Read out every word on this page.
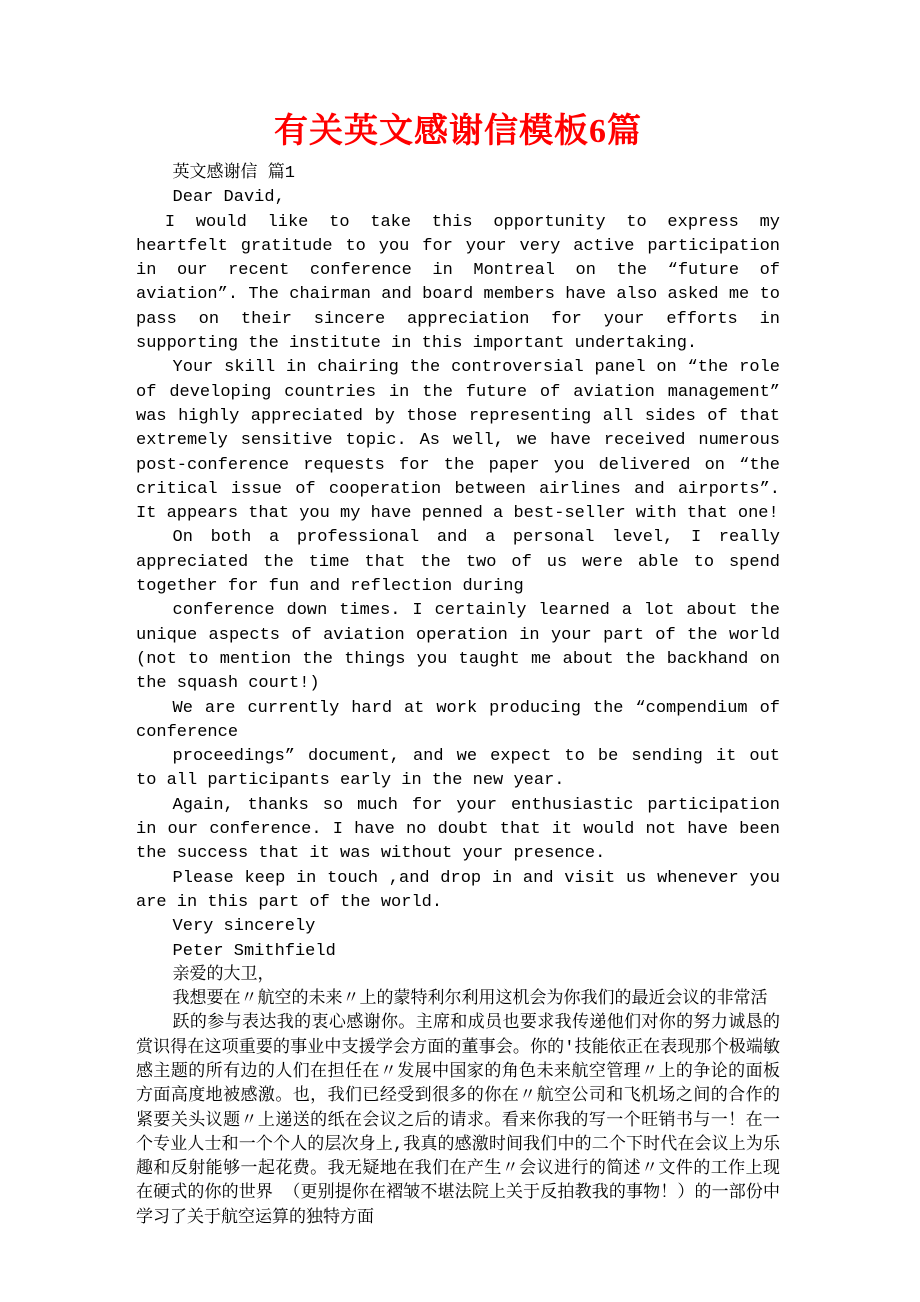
有关英文感谢信模板6篇

英文感谢信 篇1

Dear David,

I would like to take this opportunity to express my heartfelt gratitude to you for your very active participation in our recent conference in Montreal on the “future of aviation”. The chairman and board members have also asked me to pass on their sincere appreciation for your efforts in supporting the institute in this important undertaking.

Your skill in chairing the controversial panel on “the role of developing countries in the future of aviation management” was highly appreciated by those representing all sides of that extremely sensitive topic. As well, we have received numerous post-conference requests for the paper you delivered on “the critical issue of cooperation between airlines and airports”. It appears that you my have penned a best-seller with that one!

On both a professional and a personal level, I really appreciated the time that the two of us were able to spend together for fun and reflection during

conference down times. I certainly learned a lot about the unique aspects of aviation operation in your part of the world (not to mention the things you taught me about the backhand on the squash court!)

We are currently hard at work producing the “compendium of conference

proceedings” document, and we expect to be sending it out to all participants early in the new year.

Again, thanks so much for your enthusiastic participation in our conference. I have no doubt that it would not have been the success that it was without your presence.

Please keep in touch ,and drop in and visit us whenever you are in this part of the world.

Very sincerely

Peter Smithfield

亲爱的大卫，

我想要在〃航空的未来〃上的蒙特利尔利用这机会为你我们的最近会议的非常活

跃的参与表达我的衷心感谢你。主席和成员也要求我传递他们对你的努力诚恳的赏识得在这项重要的事业中支援学会方面的董事会。你的'技能依正在表现那个极端敏感主题的所有边的人们在担任在〃发展中国家的角色未来航空管理〃上的争论的面板方面高度地被感激。也，我们已经受到很多的你在〃航空公司和飞机场之间的合作的紧要关头议题〃上递送的纸在会议之后的请求。看来你我的写一个旺销书与一！在一个专业人士和一个个人的层次身上,我真的感激时间我们中的二个下时代在会议上为乐趣和反射能够一起花费。我无疑地在我们在产生〃会议进行的简述〃文件的工作上现在硬式的你的世界 （更别提你在褶皱不堪法院上关于反拍教我的事物！）的一部份中学习了关于航空运算的独特方面
